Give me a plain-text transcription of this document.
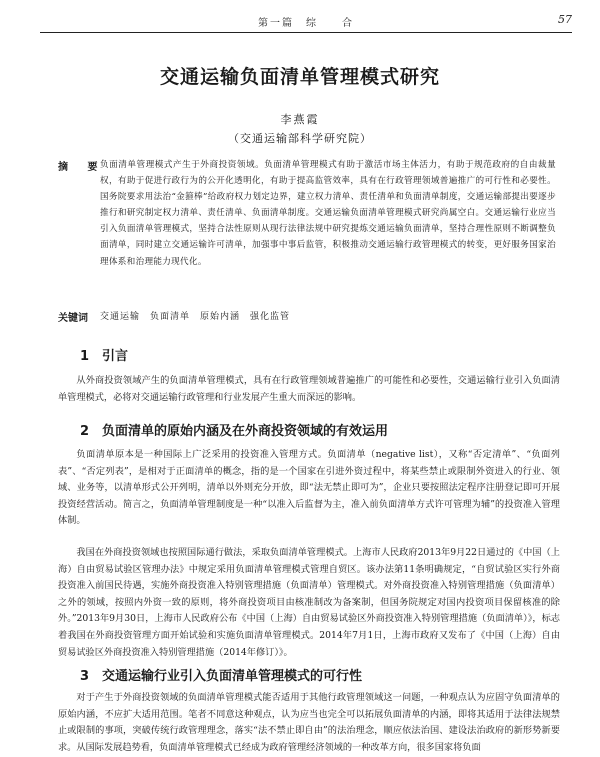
第一篇　综　　合	57
交通运输负面清单管理模式研究
李燕霞
（交通运输部科学研究院）
摘 要
负面清单管理模式产生于外商投资领域。负面清单管理模式有助于激活市场主体活力，有助于规范政府的自由裁量权，有助于促进行政行为的公开化透明化，有助于提高监管效率，具有在行政管理领域普遍推广的可行性和必要性。国务院要求用法治“金箍棒”给政府权力划定边界，建立权力清单、责任清单和负面清单制度，交通运输部提出要逐步推行和研究制定权力清单、责任清单、负面清单制度。交通运输负面清单管理模式研究尚属空白。交通运输行业应当引入负面清单管理模式，坚持合法性原则从现行法律法规中研究提炼交通运输负面清单，坚持合理性原则不断调整负面清单，同时建立交通运输许可清单，加强事中事后监管，积极推动交通运输行政管理模式的转变，更好服务国家治理体系和治理能力现代化。
关键词 交通运输　负面清单　原始内涵　强化监管
1 引言
从外商投资领域产生的负面清单管理模式，具有在行政管理领域普遍推广的可能性和必要性，交通运输行业引入负面清单管理模式，必将对交通运输行政管理和行业发展产生重大而深远的影响。
2 负面清单的原始内涵及在外商投资领域的有效运用
负面清单原本是一种国际上广泛采用的投资准入管理方式。负面清单（negative list），又称“否定清单”、“负面列表”、“否定列表”，是相对于正面清单的概念，指的是一个国家在引进外资过程中，将某些禁止或限制外资进入的行业、领域、业务等，以清单形式公开列明，清单以外则充分开放，即“法无禁止即可为”，企业只要按照法定程序注册登记即可开展投资经营活动。简言之，负面清单管理制度是一种“以准入后监督为主，准入前负面清单方式许可管理为辅”的投资准入管理体制。
我国在外商投资领域也按照国际通行做法，采取负面清单管理模式。上海市人民政府2013年9月22日通过的《中国（上海）自由贸易试验区管理办法》中规定采用负面清单管理模式管理自贸区。该办法第11条明确规定，“自贸试验区实行外商投资准入前国民待遇，实施外商投资准入特别管理措施（负面清单）管理模式。对外商投资准入特别管理措施（负面清单）之外的领域，按照内外资一致的原则，将外商投资项目由核准制改为备案制，但国务院规定对国内投资项目保留核准的除外。”2013年9月30日，上海市人民政府公布《中国（上海）自由贸易试验区外商投资准入特别管理措施（负面清单）》，标志着我国在外商投资管理方面开始试验和实施负面清单管理模式。2014年7月1日，上海市政府又发布了《中国（上海）自由贸易试验区外商投资准入特别管理措施（2014年修订）》。
3 交通运输行业引入负面清单管理模式的可行性
对于产生于外商投资领域的负面清单管理模式能否适用于其他行政管理领域这一问题，一种观点认为应固守负面清单的原始内涵，不应扩大适用范围。笔者不同意这种观点，认为应当也完全可以拓展负面清单的内涵，即将其适用于法律法规禁止或限制的事项，突破传统行政管理理念，落实“法不禁止即自由”的法治理念，顺应依法治国、建设法治政府的新形势新要求。 从国际发展趋势看，负面清单管理模式已经成为政府管理经济领域的一种改革方向，很多国家将负面
